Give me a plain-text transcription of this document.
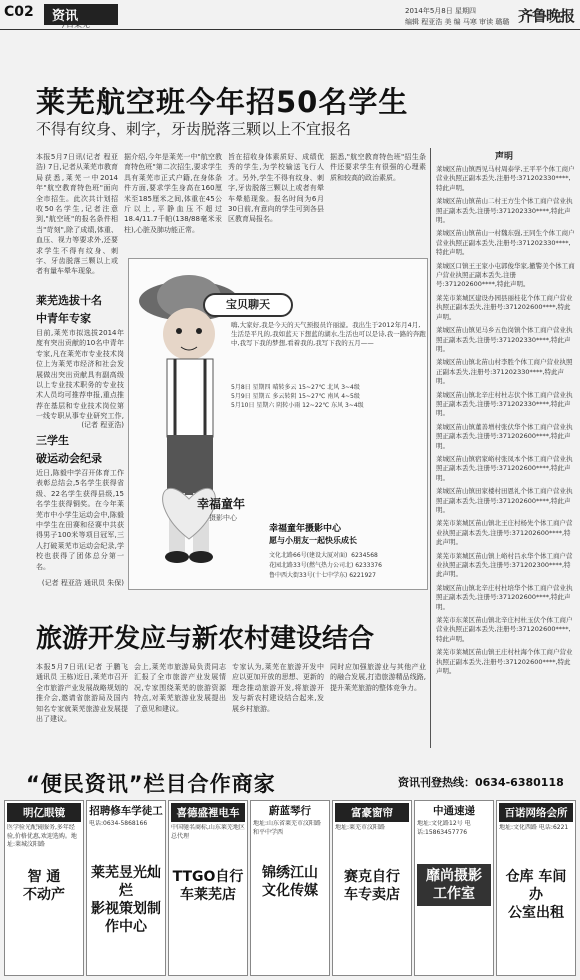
C02	资讯
今日莱芜
2014年5月8日 星期四
编辑 程亚浩 美 编 马寒 审读 璐璐 齐鲁晚报
莱芜航空班今年招50名学生
不得有纹身、刺字，牙齿脱落三颗以上不宜报名
本报5月7日讯(记者 程亚浩) 7日,记者从莱芜市教育局获悉,莱芜一中2014年"航空教育特色班"面向全市招生。此次共计划招收50名学生,记者注意到,"航空班"的报名条件相当"苛刻",除了成绩,体重、血压、视力等要求外,还要求学生不得有纹身、刺字、牙齿脱落三颗以上或者有量车晕车现象。
据介绍,今年是莱芜一中"航空教育特色班"第二次招生,要求学生具有莱芜市正式户籍,在身体条件方面,要求学生身高在160厘米至185厘米之间,体重在45公斤以上,平静血压不超过18.4/11.7千帕(138/88毫米汞柱),心脏及肺功能正常。
旨在招收身体素质好、成绩优秀的学生,为学校输送飞行人才。另外,学生不得有纹身、刺字,牙齿脱落三颗以上或者有晕车晕船现象。报名时间为6月30日前,有意向的学生可到各县区教育局报名。
据悉,"航空教育特色班"招生条件还要求学生有很强的心理素质和较高的政治素质。
莱芜选拔十名
中青年专家
目前,莱芜市拟选拔2014年度有突出贡献的10名中青年专家,凡在莱芜市专业技术岗位上为莱芜市经济和社会发展做出突出贡献具有副高级以上专业技术职务的专业技术人员均可推荐申报,重点推荐在基层和专业技术岗位第一线专职从事专业研究工作,
(记者 程亚浩)
三学生
破运动会纪录
近日,陈毅中学召开体育工作表彰总结会,5名学生获得省级、22名学生获得县级,15名学生获得铜奖。在今年莱芜市中小学生运动会中,陈毅中学生在田赛和径赛中共获得男子100米等项目冠军,三人打破莱芜市运动会纪录,学校也获得了团体总分第一名。
(记者 程亚浩 通讯员 朱保)
宝贝聊天
嗨,大家好,我是今天的天气预报员许丽濠。我出生于2012年月4月,生活是平凡的,我如蓝天下想蓝的湖水,生活也可以是诗,我一路的奔跑中,我写下我的梦想,看着我的,我写下我的五月——
5月8日 星期四 晴转多云 15~27℃ 北风 3~4级
5月9日 星期五 多云转阴 15~27℃ 南风 4~5级
5月10日 星期六 阴转小雨 12~22℃ 东风 3~4级
幸福童年
摄影中心
幸福童年摄影中心
愿与小朋友一起快乐成长
文化北路66号(建设大厦对面)  6234568
花园北路33号(燃气热力公司北) 6233376
鲁中西大街33号(十七中学东) 6221927
旅游开发应与新农村建设结合
本报5月7日讯(记者 于鹏飞 通讯员 王栋)近日,莱芜市召开全市旅游产业发展战略规划的推介会,邀请省旅游局及国内知名专家就莱芜旅游业发展提出了建议。
会上,莱芜市旅游局负责同志汇报了全市旅游产业发展情况,专家围绕莱芜的旅游资源特点,对莱芜旅游业发展提出了意见和建议。
专家认为,莱芜在旅游开发中应以更加开放的思想、更新的理念推动旅游开发,将旅游开发与新农村建设结合起来,发展乡村旅游。
同时应加强旅游业与其他产业的融合发展,打造旅游精品线路,提升莱芜旅游的整体竞争力。
声明

莱城区苗山镇西见马村周泰学,王平平个体工商户营业执照正副本丢失,注册号:371202330****,特此声明。

莱城区苗山镇苗山二村王方生个体工商户营业执照正副本丢失,注册号:371202330****,特此声明。

莱城区苗山镇苗山一村魏东强,王同生个体工商户营业执照正副本丢失,注册号:371202330****,特此声明。

莱城区口镇王王家小屯郭俊华家,撤警美个体工商户营业执照正副本丢失,注册号:371202600****,特此声明。

莱芜市莱城区建设办园县丽桂花个体工商户营业执照正副本丢失,注册号:371202600****,特此声明。

莱城区苗山镇见马乡五色岗镇个体工商户营业执照正副本丢失,注册号:371202330****,特此声明。

莱城区苗山镇北苗山村李胜个体工商户营业执照正副本丢失,注册号:371202330****,特此声明。

莱城区苗山镇北辛庄村杜志伏个体工商户营业执照正副本丢失,注册号:371202330****,特此声明。

莱城区苗山镇董善增村张伏华个体工商户营业执照正副本丢失,注册号:371202600****,特此声明。

莱城区苗山镇宿家峪村张凤本个体工商户营业执照正副本丢失,注册号:371202600****,特此声明。

莱城区苗山镇田家楼村田恩礼个体工商户营业执照正副本丢失,注册号:371202600****,特此声明。

莱芜市莱城区苗山镇北王庄村杨先个体工商户营业执照正副本丢失,注册号:371202600****,特此声明。

莱芜市莱城区苗山镇上峪村吕永华个体工商户营业执照正副本丢失,注册号:371202300****,特此声明。

莱城区苗山镇北辛庄村杜培华个体工商户营业执照正副本丢失,注册号:371202600****,特此声明。

莱芜市东莱区苗山镇北辛庄村杜玉伏个体工商户营业执照正副本丢失,注册号:371202600****,特此声明。

莱芜市莱城区苗山镇王庄村杜海个体工商户营业执照正副本丢失,注册号:371202600****,特此声明。

“便民资讯”栏目合作商家	资讯刊登热线：0634-6380118
明亿眼镜
医学验光配镜服务,多年经验,价格优惠,欢迎选购。地址:莱城汶阳路
智 通
不动产
招聘修车学徒工
电话:0634-5868166
莱芜昱光灿烂
影视策划制作中心
喜德盛裡电车
中国驰名商标,山东莱芜地区总代理
TTGO自行
车莱芜店
蔚蓝琴行
地址:山东省莱芜市汶阳路和平中学西
锦绣江山
文化传媒
富豪窗帘
地址:莱芜市汶阳路
赛克自行
车专卖店
中通速递
地址:文化路12号 电话:15863457776
靡尚摄影
工作室
百诺网络会所
地址:文化西路 电话:6221
仓库 车间办
公室出租
